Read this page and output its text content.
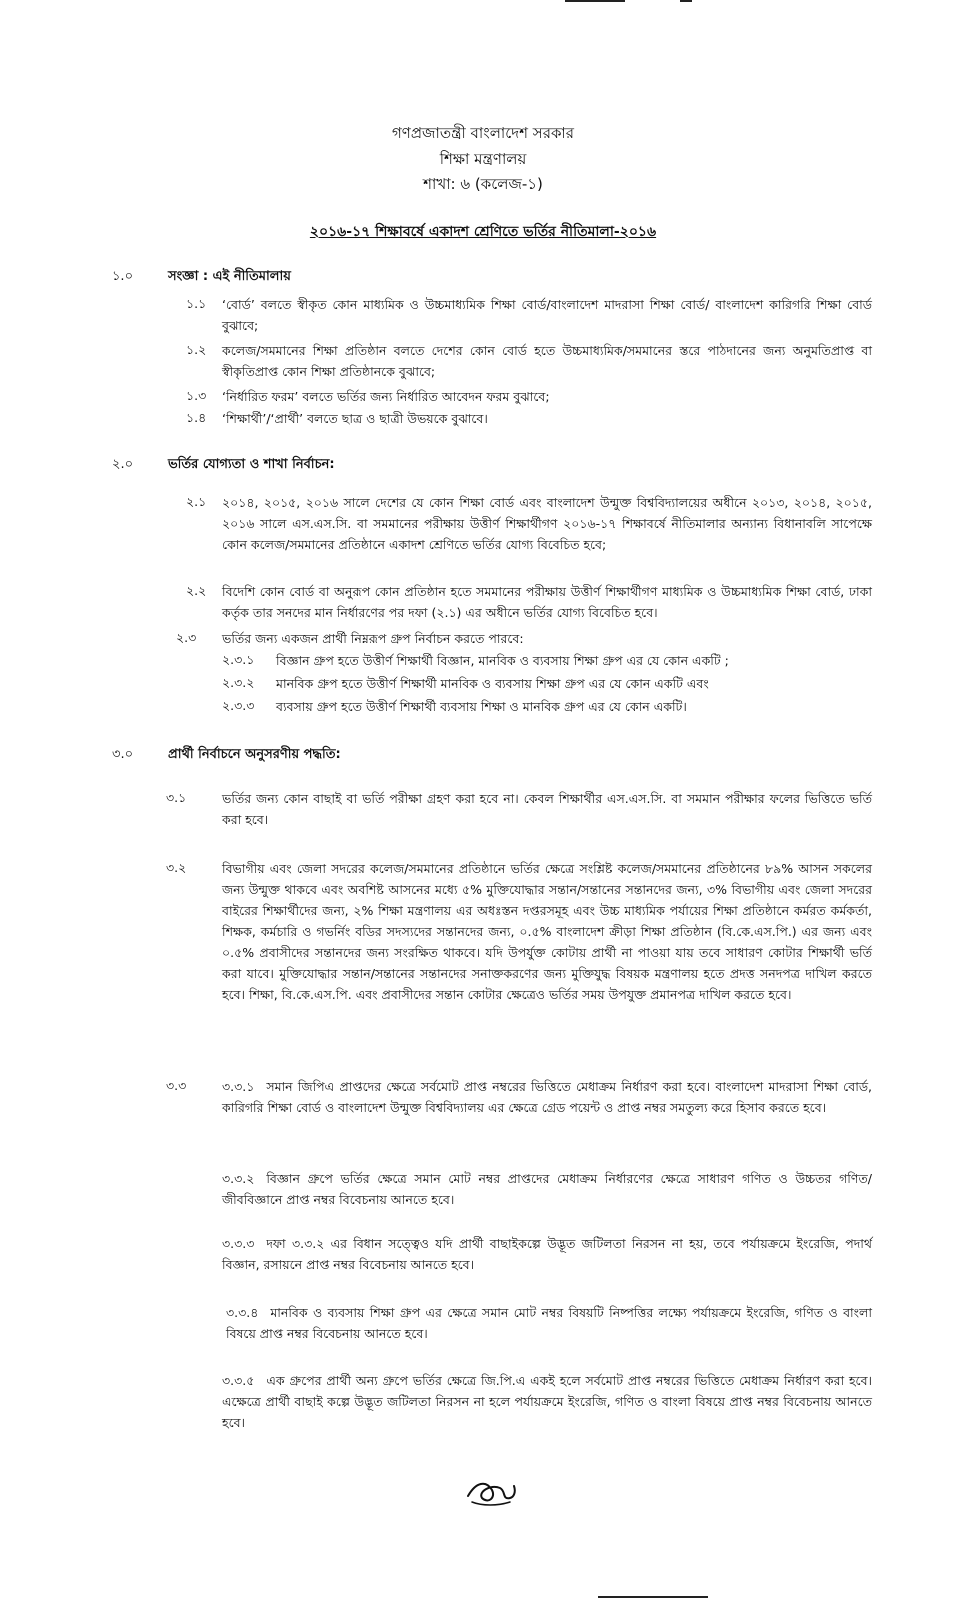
গণপ্রজাতন্ত্রী বাংলাদেশ সরকার
শিক্ষা মন্ত্রণালয়
শাখা: ৬ (কলেজ-১)
২০১৬-১৭ শিক্ষাবর্ষে একাদশ শ্রেণিতে ভর্তির নীতিমালা-২০১৬
১.০	সংজ্ঞা : এই নীতিমালায়
১.১ ‘বোর্ড’ বলতে স্বীকৃত কোন মাধ্যমিক ও উচ্চমাধ্যমিক শিক্ষা বোর্ড/বাংলাদেশ মাদরাসা শিক্ষা বোর্ড/ বাংলাদেশ কারিগরি শিক্ষা বোর্ড বুঝাবে;
১.২ কলেজ/সমমানের শিক্ষা প্রতিষ্ঠান বলতে দেশের কোন বোর্ড হতে উচ্চমাধ্যমিক/সমমানের স্তরে পাঠদানের জন্য অনুমতিপ্রাপ্ত বা স্বীকৃতিপ্রাপ্ত কোন শিক্ষা প্রতিষ্ঠানকে বুঝাবে;
১.৩ ‘নির্ধারিত ফরম’ বলতে ভর্তির জন্য নির্ধারিত আবেদন ফরম বুঝাবে;
১.৪ ‘শিক্ষার্থী’/‘প্রার্থী’ বলতে ছাত্র ও ছাত্রী উভয়কে বুঝাবে।
২.০	ভর্তির যোগ্যতা ও শাখা নির্বাচন:
২.১ ২০১৪, ২০১৫, ২০১৬ সালে দেশের যে কোন শিক্ষা বোর্ড এবং বাংলাদেশ উন্মুক্ত বিশ্ববিদ্যালয়ের অধীনে ২০১৩, ২০১৪, ২০১৫, ২০১৬ সালে এস.এস.সি. বা সমমানের পরীক্ষায় উত্তীর্ণ শিক্ষার্থীগণ ২০১৬-১৭ শিক্ষাবর্ষে নীতিমালার অন্যান্য বিধানাবলি সাপেক্ষে কোন কলেজ/সমমানের প্রতিষ্ঠানে একাদশ শ্রেণিতে ভর্তির যোগ্য বিবেচিত হবে;
২.২ বিদেশি কোন বোর্ড বা অনুরূপ কোন প্রতিষ্ঠান হতে সমমানের পরীক্ষায় উত্তীর্ণ শিক্ষার্থীগণ মাধ্যমিক ও উচ্চমাধ্যমিক শিক্ষা বোর্ড, ঢাকা কর্তৃক তার সনদের মান নির্ধারণের পর দফা (২.১) এর অধীনে ভর্তির যোগ্য বিবেচিত হবে।
২.৩ ভর্তির জন্য একজন প্রার্থী নিম্নরূপ গ্রুপ নির্বাচন করতে পারবে:
২.৩.১ বিজ্ঞান গ্রুপ হতে উত্তীর্ণ শিক্ষার্থী বিজ্ঞান, মানবিক ও ব্যবসায় শিক্ষা গ্রুপ এর যে কোন একটি ;
২.৩.২ মানবিক গ্রুপ হতে উত্তীর্ণ শিক্ষার্থী মানবিক ও ব্যবসায় শিক্ষা গ্রুপ এর যে কোন একটি এবং
২.৩.৩ ব্যবসায় গ্রুপ হতে উত্তীর্ণ শিক্ষার্থী ব্যবসায় শিক্ষা ও মানবিক গ্রুপ এর যে কোন একটি।
৩.০	প্রার্থী নির্বাচনে অনুসরণীয় পদ্ধতি:
৩.১	ভর্তির জন্য কোন বাছাই বা ভর্তি পরীক্ষা গ্রহণ করা হবে না। কেবল শিক্ষার্থীর এস.এস.সি. বা সমমান পরীক্ষার ফলের ভিত্তিতে ভর্তি করা হবে।
৩.২	বিভাগীয় এবং জেলা সদরের কলেজ/সমমানের প্রতিষ্ঠানে ভর্তির ক্ষেত্রে সংশ্লিষ্ট কলেজ/সমমানের প্রতিষ্ঠানের ৮৯% আসন সকলের জন্য উন্মুক্ত থাকবে এবং অবশিষ্ট আসনের মধ্যে ৫% মুক্তিযোদ্ধার সন্তান/সন্তানের সন্তানদের জন্য, ৩% বিভাগীয় এবং জেলা সদরের বাইরের শিক্ষার্থীদের জন্য, ২% শিক্ষা মন্ত্রণালয় এর অধঃস্তন দপ্তরসমূহ এবং উচ্চ মাধ্যমিক পর্যায়ের শিক্ষা প্রতিষ্ঠানে কর্মরত কর্মকর্তা, শিক্ষক, কর্মচারি ও গভর্নিং বডির সদস্যদের সন্তানদের জন্য, ০.৫% বাংলাদেশ ক্রীড়া শিক্ষা প্রতিষ্ঠান (বি.কে.এস.পি.) এর জন্য এবং ০.৫% প্রবাসীদের সন্তানদের জন্য সংরক্ষিত থাকবে। যদি উপর্যুক্ত কোটায় প্রার্থী না পাওয়া যায় তবে সাধারণ কোটার শিক্ষার্থী ভর্তি করা যাবে। মুক্তিযোদ্ধার সন্তান/সন্তানের সন্তানদের সনাক্তকরণের জন্য মুক্তিযুদ্ধ বিষয়ক মন্ত্রণালয় হতে প্রদত্ত সনদপত্র দাখিল করতে হবে। শিক্ষা, বি.কে.এস.পি. এবং প্রবাসীদের সন্তান কোটার ক্ষেত্রেও ভর্তির সময় উপযুক্ত প্রমানপত্র দাখিল করতে হবে।
৩.৩	৩.৩.১ সমান জিপিএ প্রাপ্তদের ক্ষেত্রে সর্বমোট প্রাপ্ত নম্বরের ভিত্তিতে মেধাক্রম নির্ধারণ করা হবে। বাংলাদেশ মাদরাসা শিক্ষা বোর্ড, কারিগরি শিক্ষা বোর্ড ও বাংলাদেশ উন্মুক্ত বিশ্ববিদ্যালয় এর ক্ষেত্রে গ্রেড পয়েন্ট ও প্রাপ্ত নম্বর সমতুল্য করে হিসাব করতে হবে।
৩.৩.২ বিজ্ঞান গ্রুপে ভর্তির ক্ষেত্রে সমান মোট নম্বর প্রাপ্তদের মেধাক্রম নির্ধারণের ক্ষেত্রে সাধারণ গণিত ও উচ্চতর গণিত/জীববিজ্ঞানে প্রাপ্ত নম্বর বিবেচনায় আনতে হবে।
৩.৩.৩ দফা ৩.৩.২ এর বিধান সত্ত্বেও যদি প্রার্থী বাছাইকল্পে উদ্ভূত জটিলতা নিরসন না হয়, তবে পর্যায়ক্রমে ইংরেজি, পদার্থ বিজ্ঞান, রসায়নে প্রাপ্ত নম্বর বিবেচনায় আনতে হবে।
৩.৩.৪ মানবিক ও ব্যবসায় শিক্ষা গ্রুপ এর ক্ষেত্রে সমান মোট নম্বর বিষয়টি নিষ্পত্তির লক্ষ্যে পর্যায়ক্রমে ইংরেজি, গণিত ও বাংলা বিষয়ে প্রাপ্ত নম্বর বিবেচনায় আনতে হবে।
৩.৩.৫ এক গ্রুপের প্রার্থী অন্য গ্রুপে ভর্তির ক্ষেত্রে জি.পি.এ একই হলে সর্বমোট প্রাপ্ত নম্বরের ভিত্তিতে মেধাক্রম নির্ধারণ করা হবে। এক্ষেত্রে প্রার্থী বাছাই কল্পে উদ্ভূত জটিলতা নিরসন না হলে পর্যায়ক্রমে ইংরেজি, গণিত ও বাংলা বিষয়ে প্রাপ্ত নম্বর বিবেচনায় আনতে হবে।
